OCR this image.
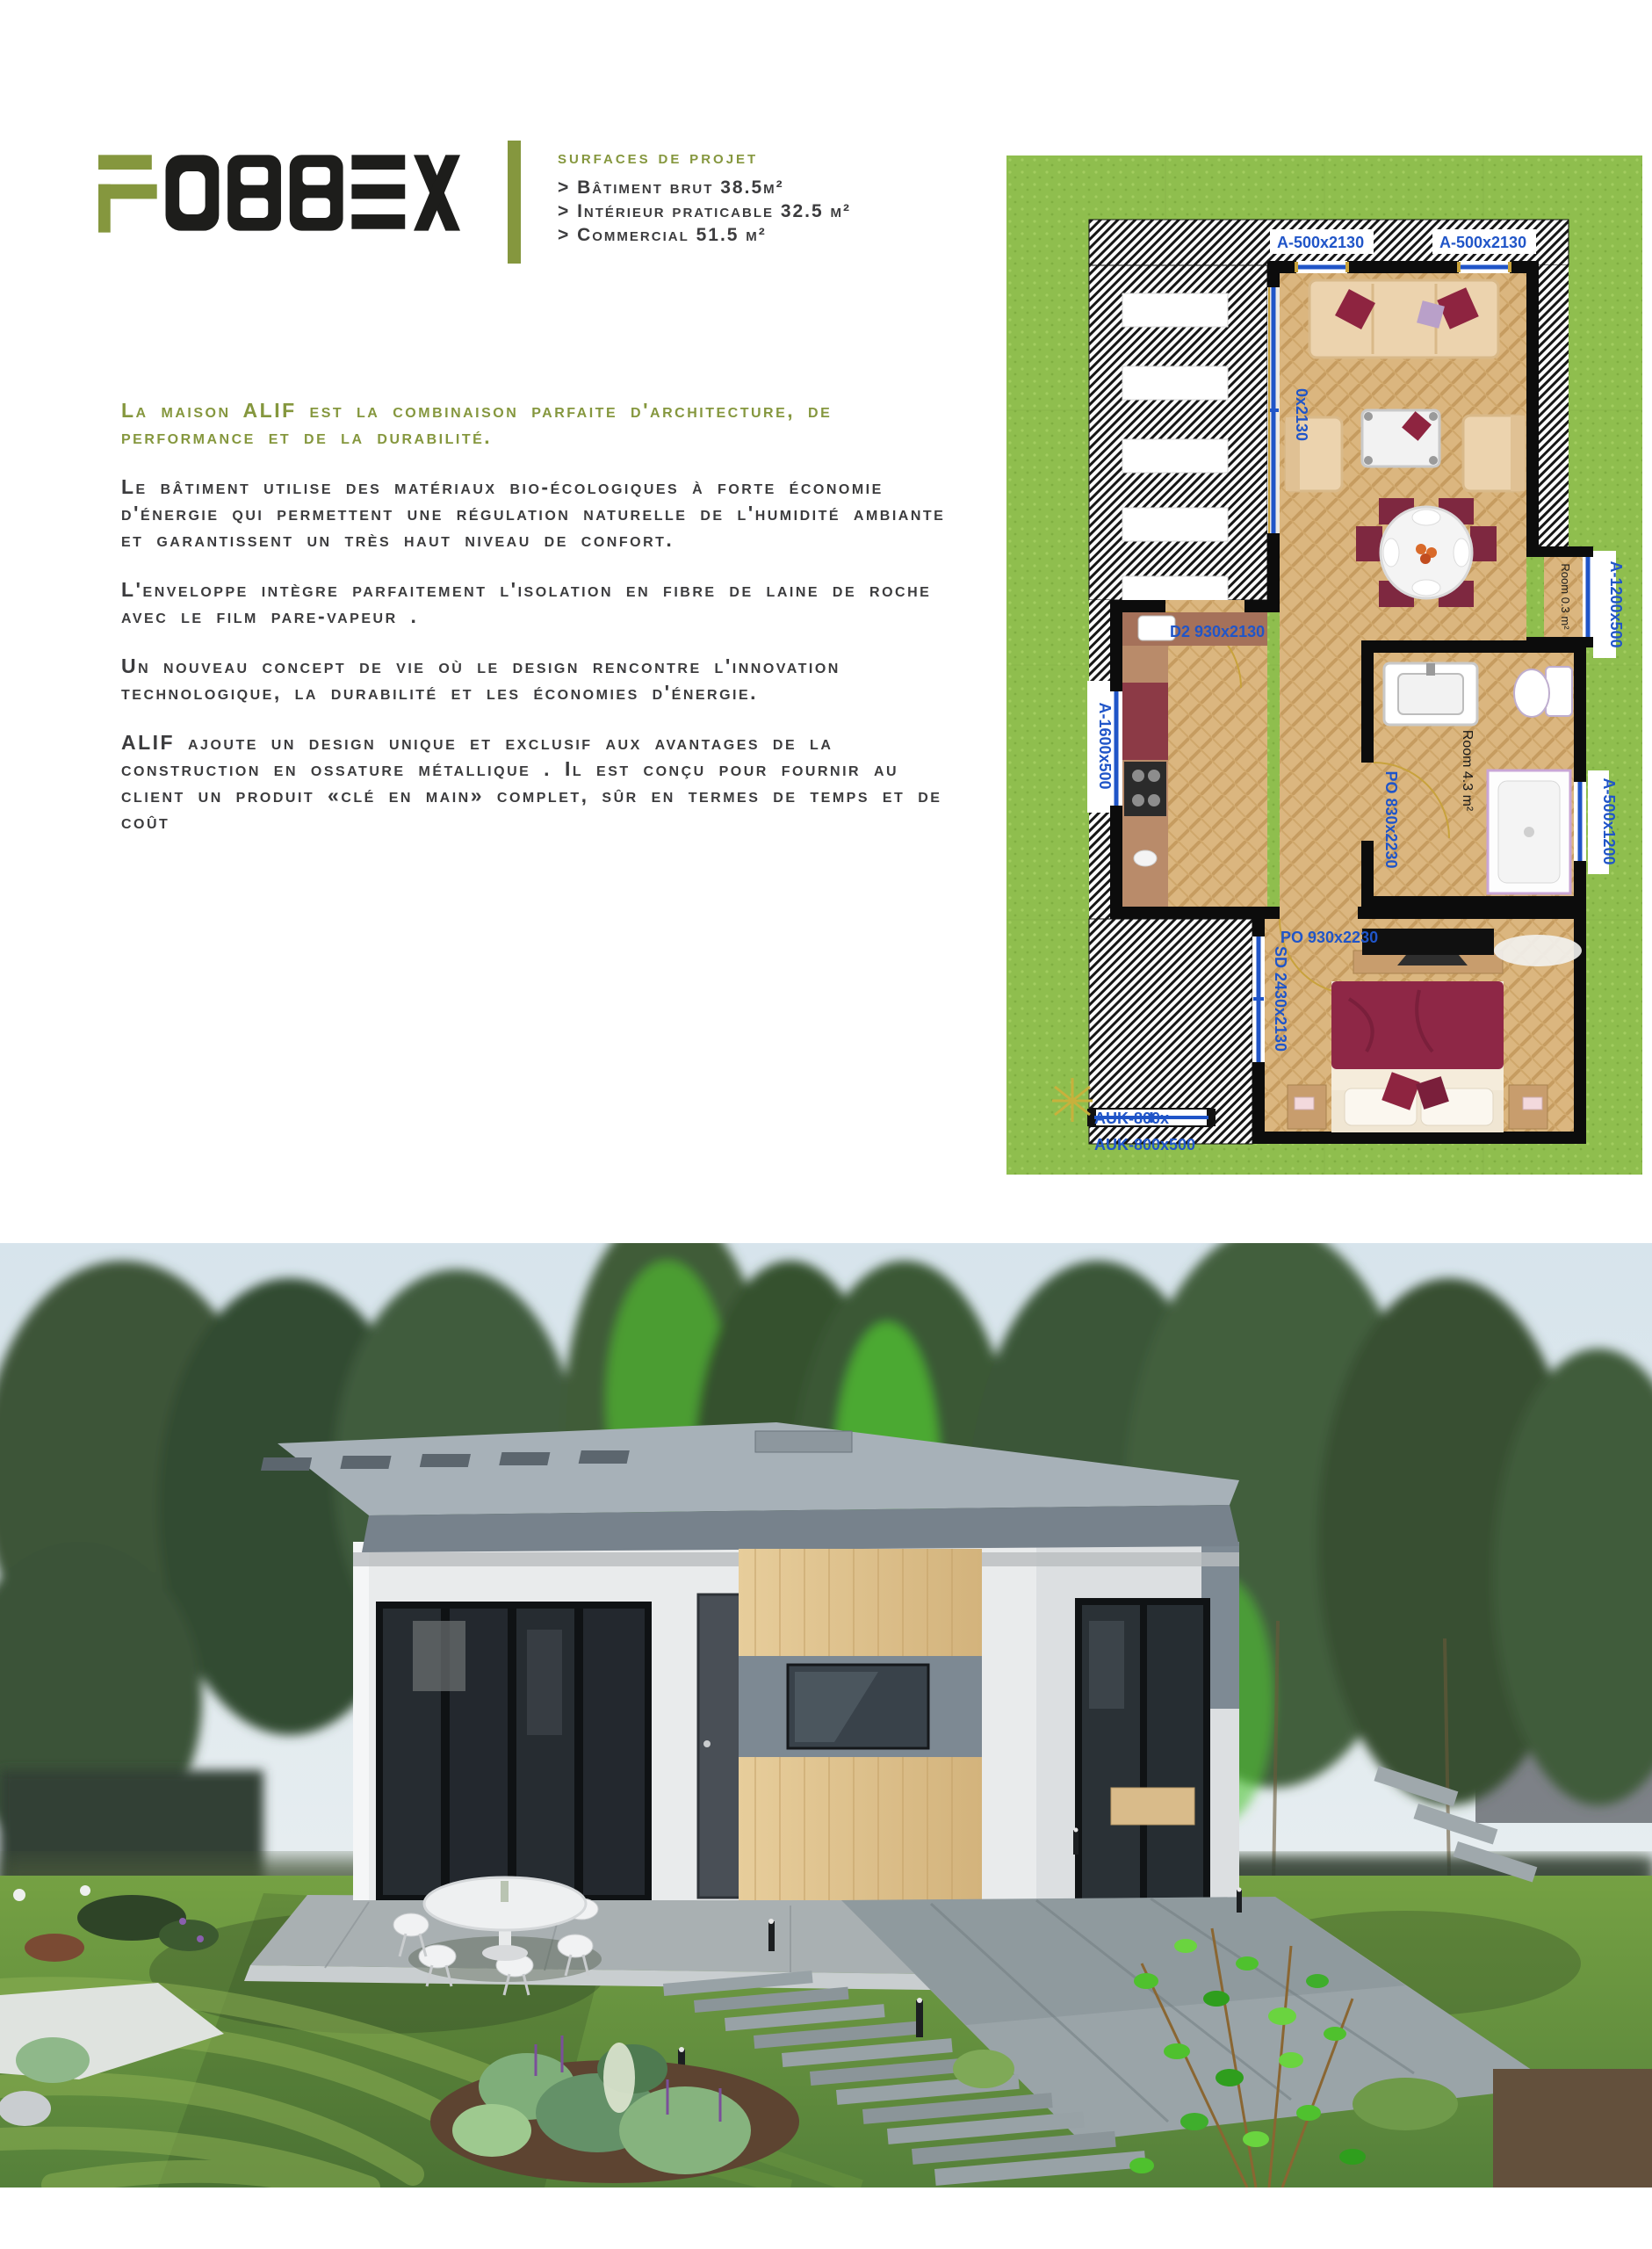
surfaces de projet

> Bâtiment brut 38.5m²

> Intérieur praticable 32.5 m²

> Commercial 51.5 m²

La maison ALIF est la combinaison parfaite d'architecture, de performance et de la durabilité.

Le bâtiment utilise des matériaux bio-écologiques à forte économie d'énergie qui permettent une régulation naturelle de l'humidité ambiante et garantissent un très haut niveau de confort.

L'enveloppe intègre parfaitement l'isolation en fibre de laine de roche avec le film pare-vapeur .

Un nouveau concept de vie où le design rencontre l'innovation technologique, la durabilité et les économies d'énergie.

ALIF ajoute un design unique et exclusif aux avantages de la construction en ossature métallique . Il est conçu pour fournir au client un produit «clé en main» complet, sûr en termes de temps et de coût

A-500x2130	A-500x2130
0x2130
A-1200x500
A-500x1200
D2 930x2130
A-1600x500
PO 830x2230
PO 930x2230
SD 2430x2130
AUK-800x
AUK-800x500
Room 0.3 m²
Room 4.3 m²
